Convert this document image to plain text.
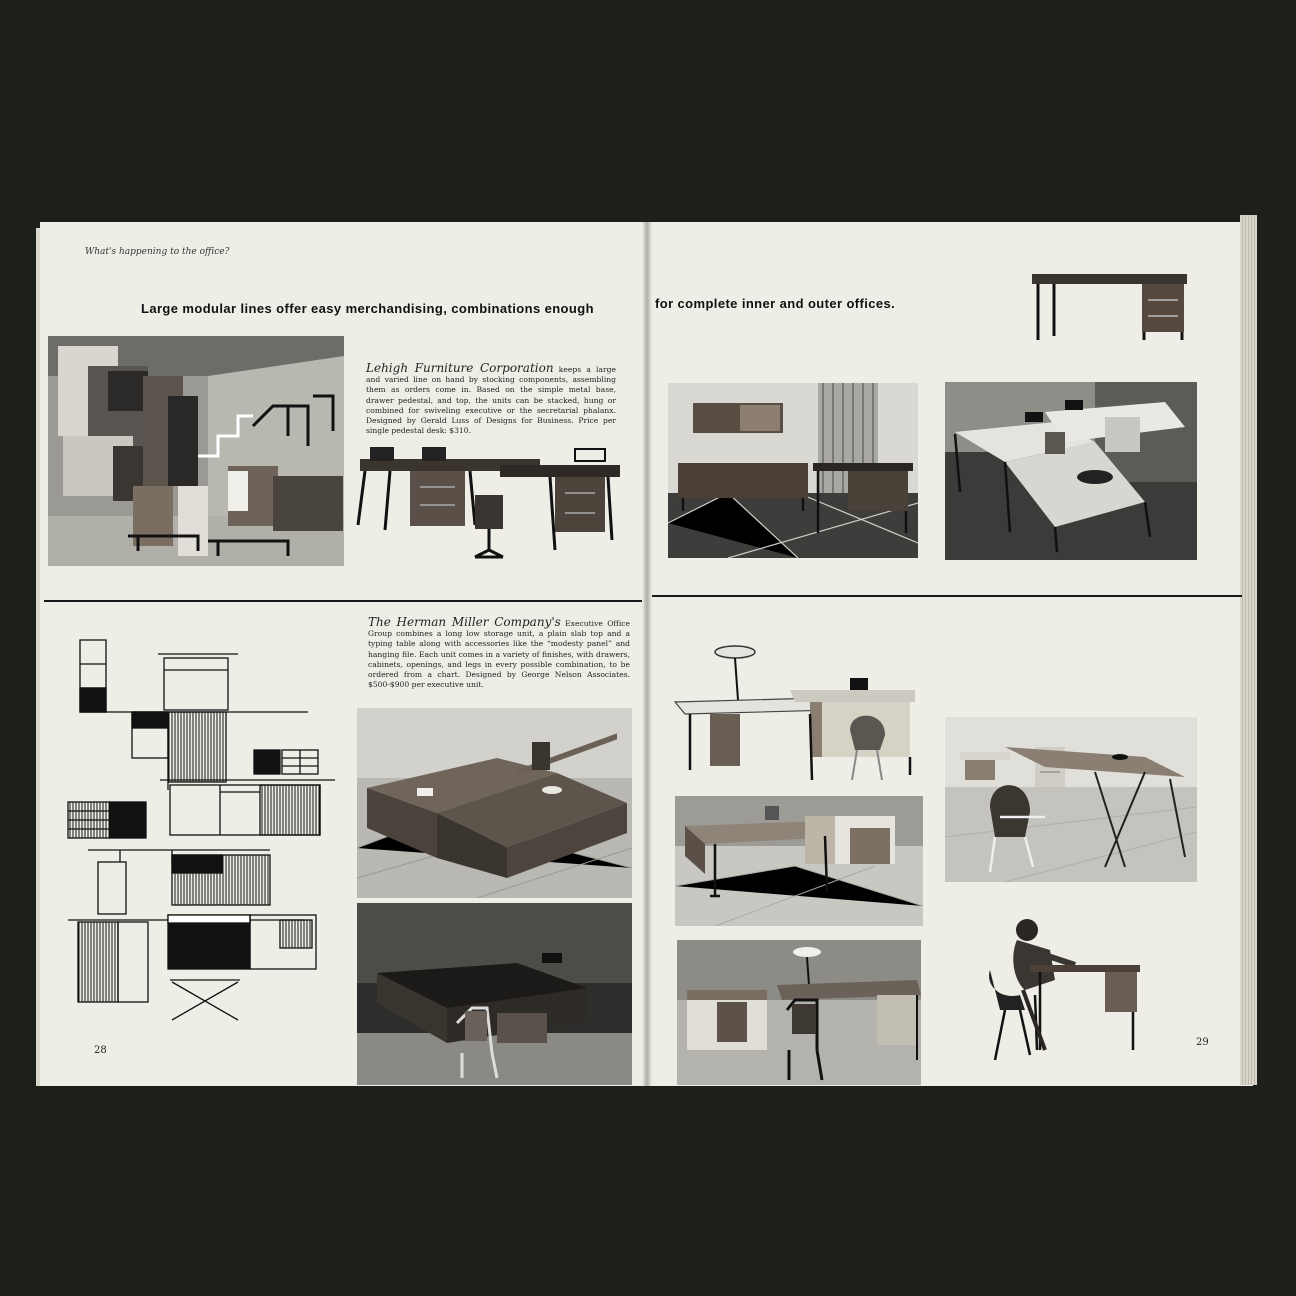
What's happening to the office?
Large modular lines offer easy merchandising, combinations enough	for complete inner and outer offices.
Lehigh Furniture Corporation keeps a large and varied line on hand by stocking components, assembling them as orders come in. Based on the simple metal base, drawer pedestal, and top, the units can be stacked, hung or combined for swiveling executive or the secretarial phalanx. Designed by Gerald Luss of Designs for Business. Price per single pedestal desk: $310.
The Herman Miller Company's Executive Office Group combines a long low storage unit, a plain slab top and a typing table along with accessories like the “modesty panel” and hanging file. Each unit comes in a variety of finishes, with drawers, cabinets, openings, and legs in every possible combination, to be ordered from a chart. Designed by George Nelson Associates. $500-$900 per executive unit.
28
29
